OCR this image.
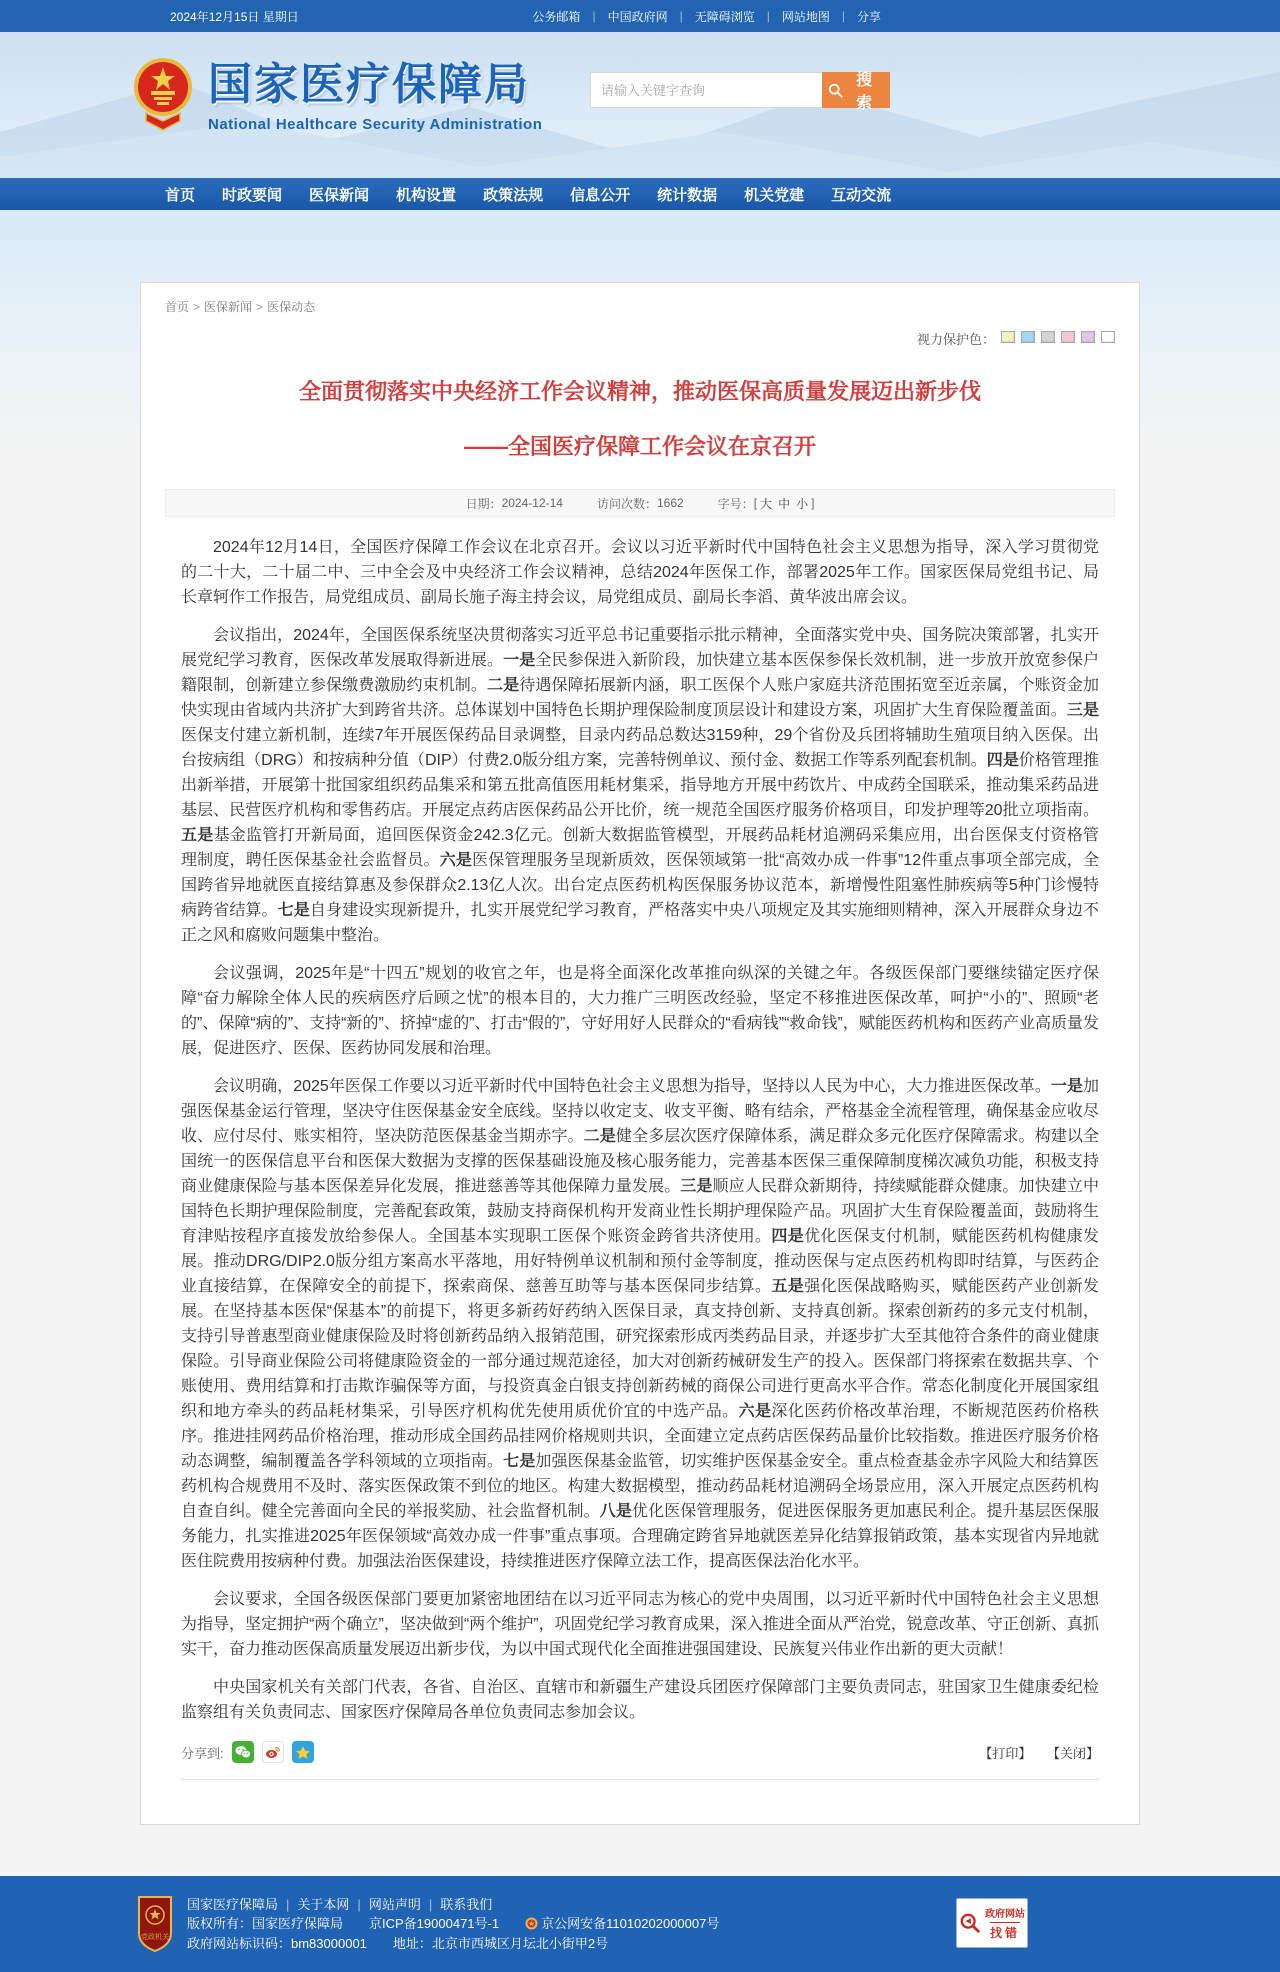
2024年12月15日 星期日	公务邮箱	|	中国政府网	|	无障碍浏览	|	网站地图	|	分享
国家医疗保障局
National Healthcare Security Administration
请输入关键字查询
搜 索
首页 时政要闻 医保新闻 机构设置 政策法规 信息公开 统计数据 机关党建 互动交流
首页 > 医保新闻 > 医保动态
视力保护色：
全面贯彻落实中央经济工作会议精神，推动医保高质量发展迈出新步伐
——全国医疗保障工作会议在京召开
日期： 2024-12-14	访问次数： 1662	字号： [ 大 中 小 ]

2024年12月14日，全国医疗保障工作会议在北京召开。会议以习近平新时代中国特色社会主义思想为指导，深入学习贯彻党的二十大，二十届二中、三中全会及中央经济工作会议精神，总结2024年医保工作，部署2025年工作。国家医保局党组书记、局长章轲作工作报告，局党组成员、副局长施子海主持会议，局党组成员、副局长李滔、黄华波出席会议。

会议指出，2024年，全国医保系统坚决贯彻落实习近平总书记重要指示批示精神，全面落实党中央、国务院决策部署，扎实开展党纪学习教育，医保改革发展取得新进展。一是全民参保进入新阶段，加快建立基本医保参保长效机制，进一步放开放宽参保户籍限制，创新建立参保缴费激励约束机制。二是待遇保障拓展新内涵，职工医保个人账户家庭共济范围拓宽至近亲属，个账资金加快实现由省域内共济扩大到跨省共济。总体谋划中国特色长期护理保险制度顶层设计和建设方案，巩固扩大生育保险覆盖面。三是医保支付建立新机制，连续7年开展医保药品目录调整，目录内药品总数达3159种，29个省份及兵团将辅助生殖项目纳入医保。出台按病组（DRG）和按病种分值（DIP）付费2.0版分组方案，完善特例单议、预付金、数据工作等系列配套机制。四是价格管理推出新举措，开展第十批国家组织药品集采和第五批高值医用耗材集采，指导地方开展中药饮片、中成药全国联采，推动集采药品进基层、民营医疗机构和零售药店。开展定点药店医保药品公开比价，统一规范全国医疗服务价格项目，印发护理等20批立项指南。五是基金监管打开新局面，追回医保资金242.3亿元。创新大数据监管模型，开展药品耗材追溯码采集应用，出台医保支付资格管理制度，聘任医保基金社会监督员。六是医保管理服务呈现新质效，医保领域第一批“高效办成一件事”12件重点事项全部完成，全国跨省异地就医直接结算惠及参保群众2.13亿人次。出台定点医药机构医保服务协议范本，新增慢性阻塞性肺疾病等5种门诊慢特病跨省结算。七是自身建设实现新提升，扎实开展党纪学习教育，严格落实中央八项规定及其实施细则精神，深入开展群众身边不正之风和腐败问题集中整治。

会议强调，2025年是“十四五”规划的收官之年，也是将全面深化改革推向纵深的关键之年。各级医保部门要继续锚定医疗保障“奋力解除全体人民的疾病医疗后顾之忧”的根本目的，大力推广三明医改经验，坚定不移推进医保改革，呵护“小的”、照顾“老的”、保障“病的”、支持“新的”、挤掉“虚的”、打击“假的”，守好用好人民群众的“看病钱”“救命钱”，赋能医药机构和医药产业高质量发展，促进医疗、医保、医药协同发展和治理。

会议明确，2025年医保工作要以习近平新时代中国特色社会主义思想为指导，坚持以人民为中心，大力推进医保改革。一是加强医保基金运行管理，坚决守住医保基金安全底线。坚持以收定支、收支平衡、略有结余，严格基金全流程管理，确保基金应收尽收、应付尽付、账实相符，坚决防范医保基金当期赤字。二是健全多层次医疗保障体系，满足群众多元化医疗保障需求。构建以全国统一的医保信息平台和医保大数据为支撑的医保基础设施及核心服务能力，完善基本医保三重保障制度梯次减负功能，积极支持商业健康保险与基本医保差异化发展，推进慈善等其他保障力量发展。三是顺应人民群众新期待，持续赋能群众健康。加快建立中国特色长期护理保险制度，完善配套政策，鼓励支持商保机构开发商业性长期护理保险产品。巩固扩大生育保险覆盖面，鼓励将生育津贴按程序直接发放给参保人。全国基本实现职工医保个账资金跨省共济使用。四是优化医保支付机制，赋能医药机构健康发展。推动DRG/DIP2.0版分组方案高水平落地，用好特例单议机制和预付金等制度，推动医保与定点医药机构即时结算，与医药企业直接结算，在保障安全的前提下，探索商保、慈善互助等与基本医保同步结算。五是强化医保战略购买，赋能医药产业创新发展。在坚持基本医保“保基本”的前提下，将更多新药好药纳入医保目录，真支持创新、支持真创新。探索创新药的多元支付机制，支持引导普惠型商业健康保险及时将创新药品纳入报销范围，研究探索形成丙类药品目录，并逐步扩大至其他符合条件的商业健康保险。引导商业保险公司将健康险资金的一部分通过规范途径，加大对创新药械研发生产的投入。医保部门将探索在数据共享、个账使用、费用结算和打击欺诈骗保等方面，与投资真金白银支持创新药械的商保公司进行更高水平合作。常态化制度化开展国家组织和地方牵头的药品耗材集采，引导医疗机构优先使用质优价宜的中选产品。六是深化医药价格改革治理，不断规范医药价格秩序。推进挂网药品价格治理，推动形成全国药品挂网价格规则共识，全面建立定点药店医保药品量价比较指数。推进医疗服务价格动态调整，编制覆盖各学科领域的立项指南。七是加强医保基金监管，切实维护医保基金安全。重点检查基金赤字风险大和结算医药机构合规费用不及时、落实医保政策不到位的地区。构建大数据模型，推动药品耗材追溯码全场景应用，深入开展定点医药机构自查自纠。健全完善面向全民的举报奖励、社会监督机制。八是优化医保管理服务，促进医保服务更加惠民利企。提升基层医保服务能力，扎实推进2025年医保领域“高效办成一件事”重点事项。合理确定跨省异地就医差异化结算报销政策，基本实现省内异地就医住院费用按病种付费。加强法治医保建设，持续推进医疗保障立法工作，提高医保法治化水平。

会议要求，全国各级医保部门要更加紧密地团结在以习近平同志为核心的党中央周围，以习近平新时代中国特色社会主义思想为指导，坚定拥护“两个确立”，坚决做到“两个维护”，巩固党纪学习教育成果，深入推进全面从严治党，锐意改革、守正创新、真抓实干，奋力推动医保高质量发展迈出新步伐，为以中国式现代化全面推进强国建设、民族复兴伟业作出新的更大贡献！

中央国家机关有关部门代表，各省、自治区、直辖市和新疆生产建设兵团医疗保障部门主要负责同志，驻国家卫生健康委纪检监察组有关负责同志、国家医疗保障局各单位负责同志参加会议。

分享到:	【打印】 【关闭】
党政机关
国家医疗保障局 | 关于本网 | 网站声明 | 联系我们
版权所有：国家医疗保障局 京ICP备19000471号-1	京公网安备11010202000007号
政府网站标识码：bm83000001 地址：北京市西城区月坛北小街甲2号
政府网站
找错
